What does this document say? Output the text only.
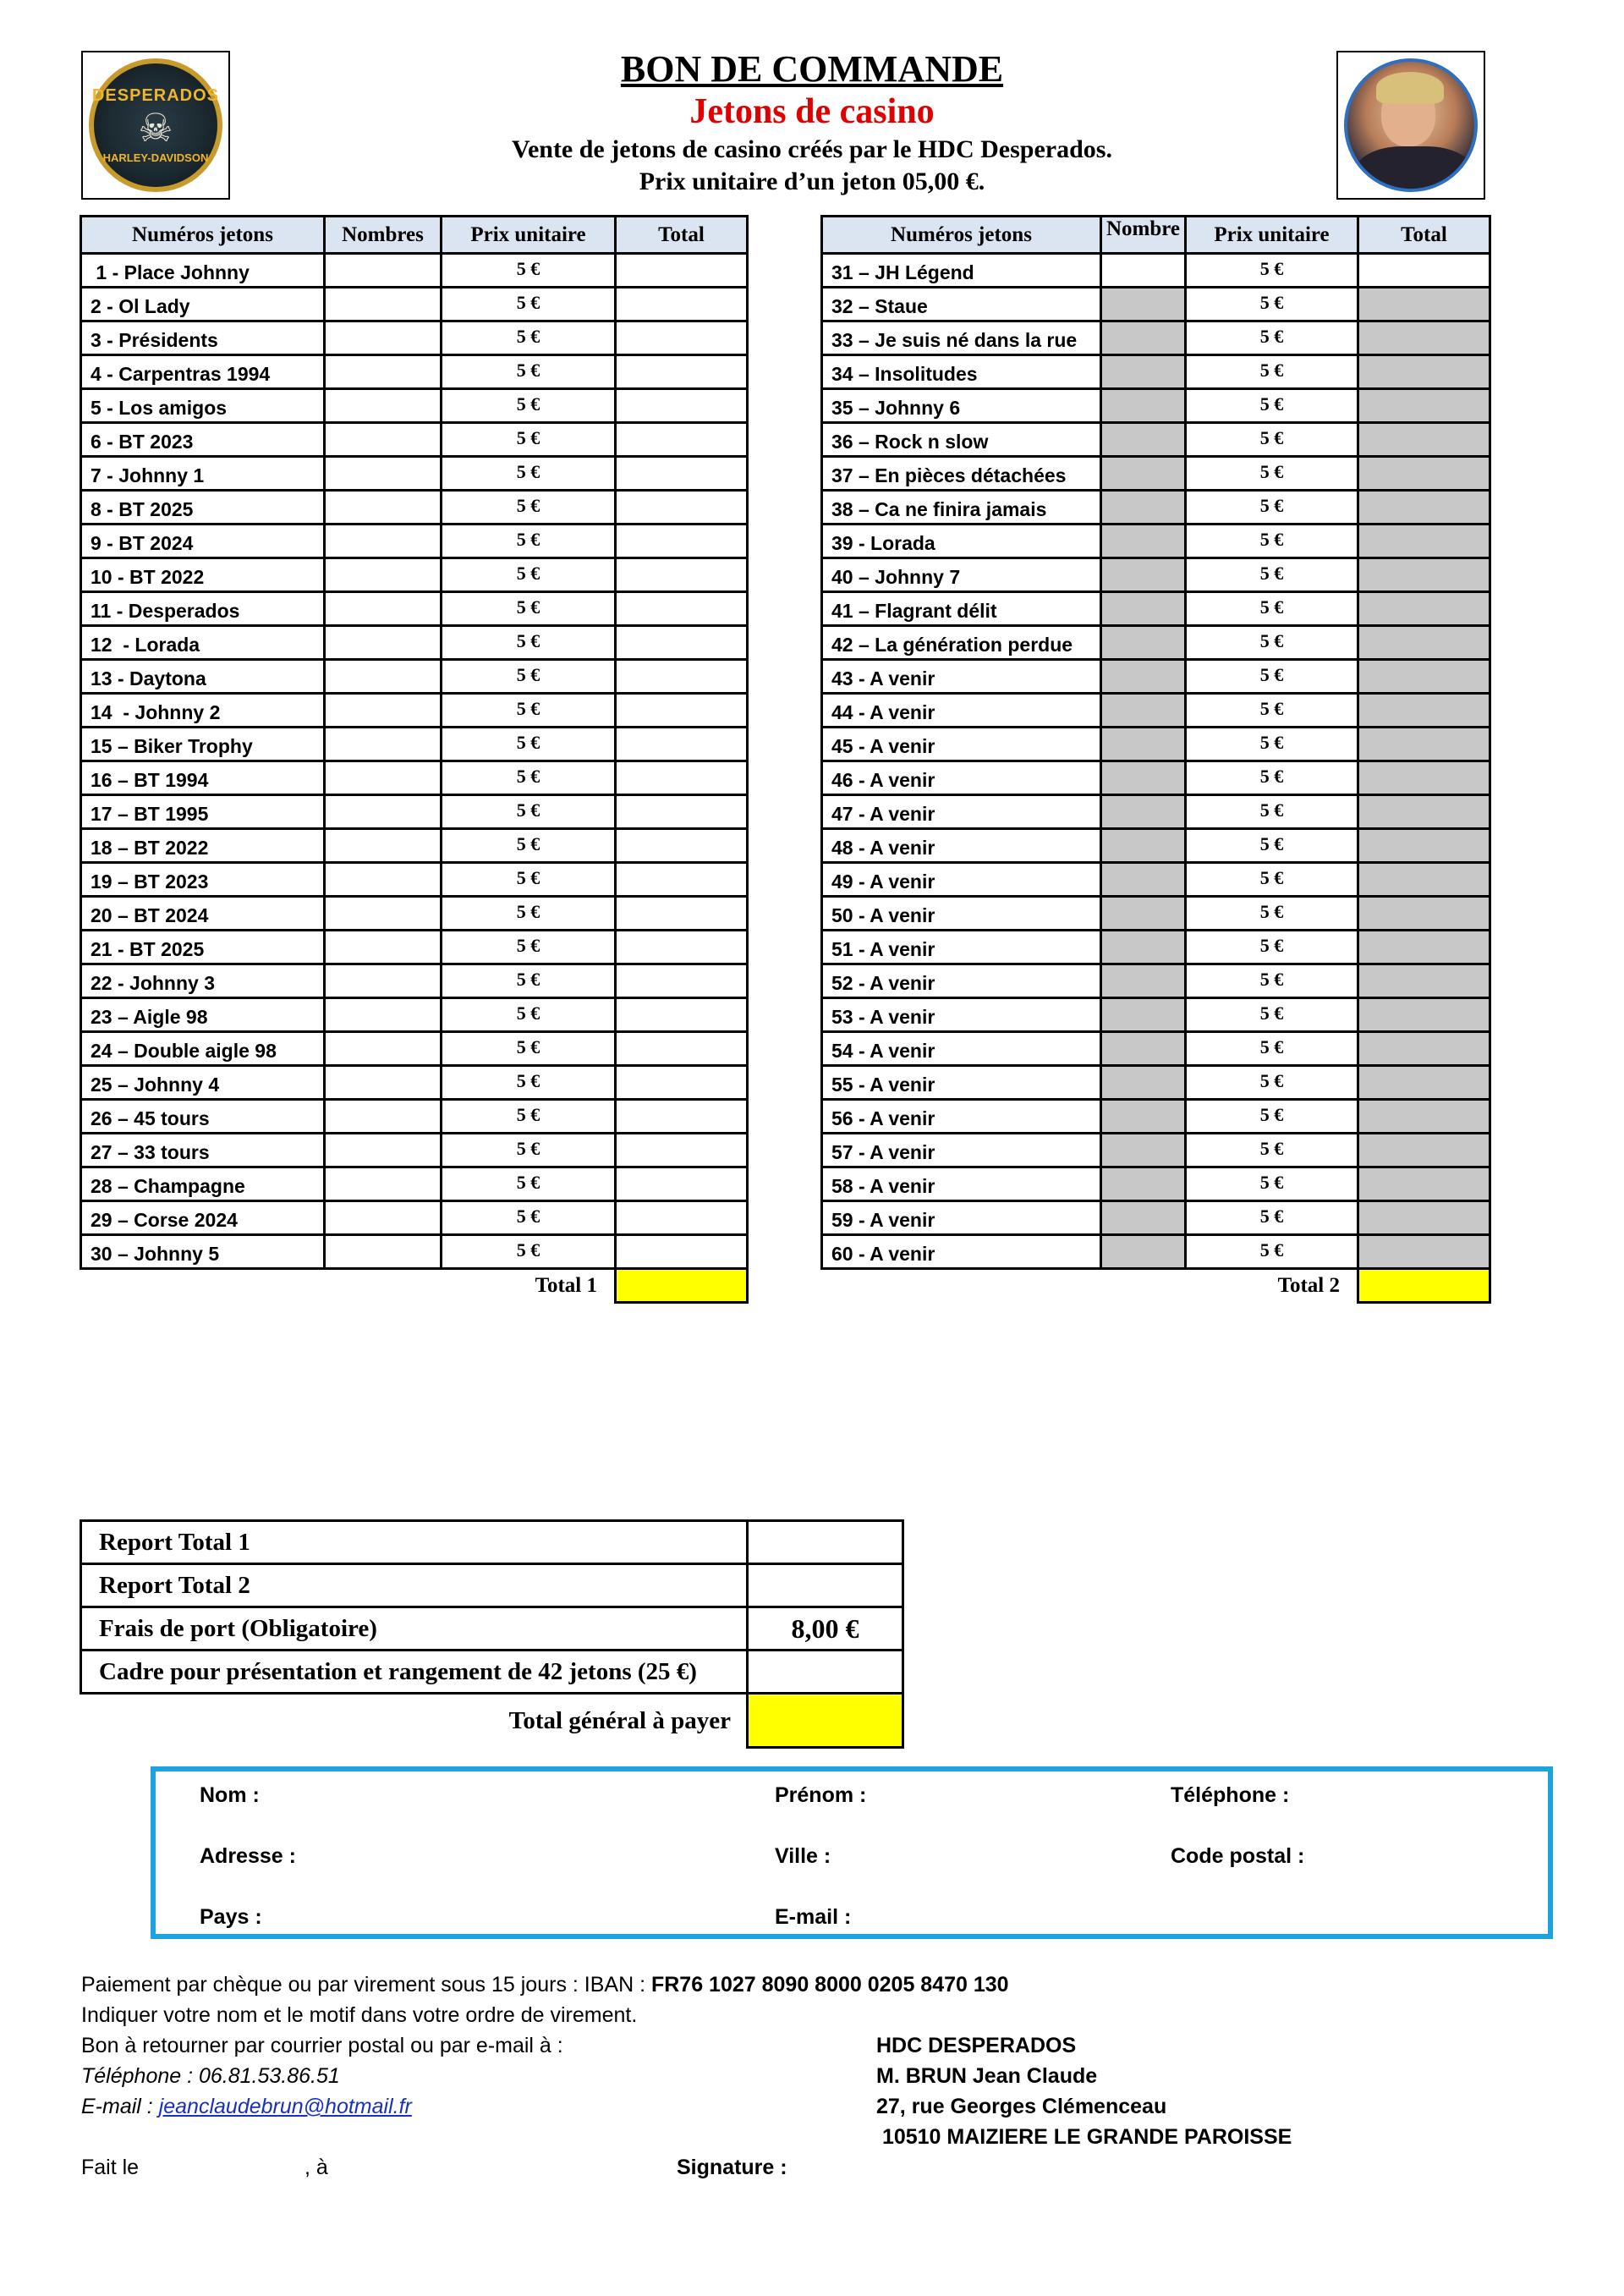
DESPERADOS
☠
HARLEY-DAVIDSON
BON DE COMMANDE
Jetons de casino
Vente de jetons de casino créés par le HDC Desperados.
Prix unitaire d’un jeton 05,00 €.
Numéros jetons	Nombres	Prix unitaire	Total
1 - Place Johnny		5 €	
2 - Ol Lady		5 €	
3 - Présidents		5 €	
4 - Carpentras 1994		5 €	
5 - Los amigos		5 €	
6 - BT 2023		5 €	
7 - Johnny 1		5 €	
8 - BT 2025		5 €	
9 - BT 2024		5 €	
10 - BT 2022		5 €	
11 - Desperados		5 €	
12  - Lorada		5 €	
13 - Daytona		5 €	
14  - Johnny 2		5 €	
15 – Biker Trophy		5 €	
16 – BT 1994		5 €	
17 – BT 1995		5 €	
18 – BT 2022		5 €	
19 – BT 2023		5 €	
20 – BT 2024		5 €	
21 - BT 2025		5 €	
22 - Johnny 3		5 €	
23 – Aigle 98		5 €	
24 – Double aigle 98		5 €	
25 – Johnny 4		5 €	
26 – 45 tours		5 €	
27 – 33 tours		5 €	
28 – Champagne		5 €	
29 – Corse 2024		5 €	
30 – Johnny 5		5 €	
		Total 1	
Numéros jetons	Nombre	Prix unitaire	Total
31 – JH Légend		5 €	
32 – Staue		5 €	
33 – Je suis né dans la rue		5 €	
34 – Insolitudes		5 €	
35 – Johnny 6		5 €	
36 – Rock n slow		5 €	
37 – En pièces détachées		5 €	
38 – Ca ne finira jamais		5 €	
39 - Lorada		5 €	
40 – Johnny 7		5 €	
41 – Flagrant délit		5 €	
42 – La génération perdue		5 €	
43 - A venir		5 €	
44 - A venir		5 €	
45 - A venir		5 €	
46 - A venir		5 €	
47 - A venir		5 €	
48 - A venir		5 €	
49 - A venir		5 €	
50 - A venir		5 €	
51 - A venir		5 €	
52 - A venir		5 €	
53 - A venir		5 €	
54 - A venir		5 €	
55 - A venir		5 €	
56 - A venir		5 €	
57 - A venir		5 €	
58 - A venir		5 €	
59 - A venir		5 €	
60 - A venir		5 €	
		Total 2	
Report Total 1	
Report Total 2	
Frais de port (Obligatoire)	8,00 €
Cadre pour présentation et rangement de 42 jetons (25 €)	
Total général à payer	
Nom :	Prénom :	Téléphone :
Adresse :	Ville :	Code postal :
Pays :	E-mail :
Paiement par chèque ou par virement sous 15 jours : IBAN : FR76 1027 8090 8000 0205 8470 130
Indiquer votre nom et le motif dans votre ordre de virement.
Bon à retourner par courrier postal ou par e-mail à :
Téléphone : 06.81.53.86.51
E-mail : jeanclaudebrun@hotmail.fr
HDC DESPERADOS
M. BRUN Jean Claude
27, rue Georges Clémenceau
10510 MAIZIERE LE GRANDE PAROISSE
Fait le	, à	Signature :
